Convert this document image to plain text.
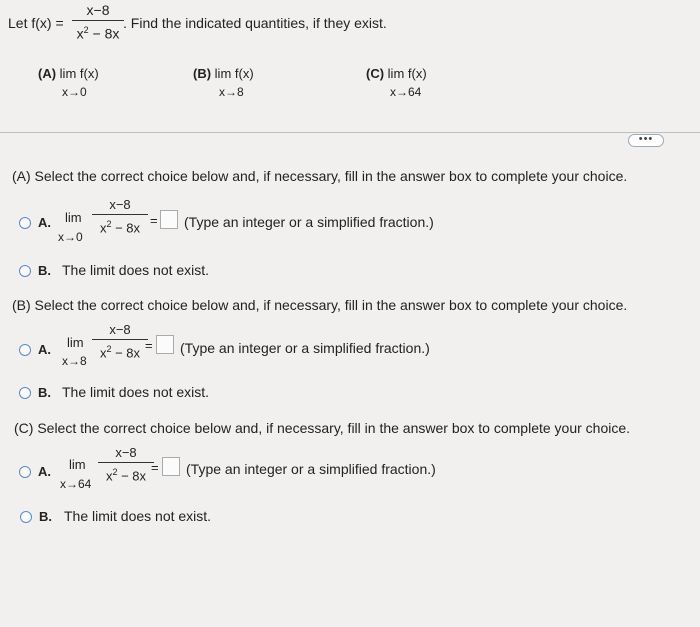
Let f(x) =
x−8
$x^2 - 8x$
. Find the indicated quantities, if they exist.
(A) lim f(x)
x→0
(B) lim f(x)
x→8
(C) lim f(x)
x→64
•••
(A) Select the correct choice below and, if necessary, fill in the answer box to complete your choice.
A. lim
x→0
x−8
$x^2 - 8x$ = (Type an integer or a simplified fraction.)
B. The limit does not exist.
(B) Select the correct choice below and, if necessary, fill in the answer box to complete your choice.
A. lim
x→8
x−8
$x^2 - 8x$ = (Type an integer or a simplified fraction.)
B. The limit does not exist.
(C) Select the correct choice below and, if necessary, fill in the answer box to complete your choice.
A. lim
x→64
x−8
$x^2 - 8x$
= (Type an integer or a simplified fraction.)
B. The limit does not exist.
